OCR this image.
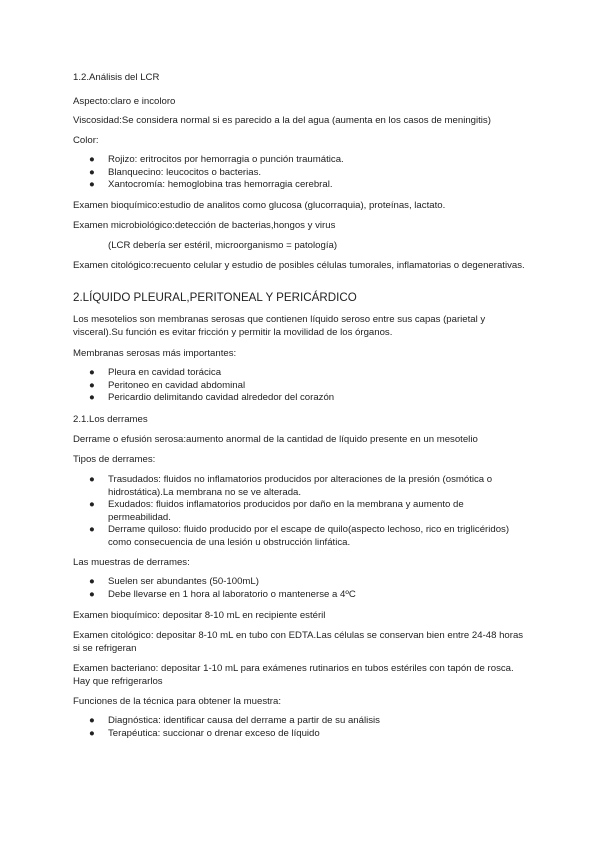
1.2.Análisis del LCR

Aspecto:claro e incoloro

Viscosidad:Se considera normal si es parecido a la del agua (aumenta en los casos de meningitis)

Color:

● Rojizo: eritrocitos por hemorragia o punción traumática.
● Blanquecino: leucocitos o bacterias.
● Xantocromía: hemoglobina tras hemorragia cerebral.

Examen bioquímico:estudio de analitos como glucosa (glucorraquia), proteínas, lactato.

Examen microbiológico:detección de bacterias,hongos y virus

(LCR debería ser estéril, microorganismo = patología)

Examen citológico:recuento celular y estudio de posibles células tumorales, inflamatorias o degenerativas.

2.LÍQUIDO PLEURAL,PERITONEAL Y PERICÁRDICO

Los mesotelios son membranas serosas que contienen líquido seroso entre sus capas (parietal y visceral).Su función es evitar fricción y permitir la movilidad de los órganos.

Membranas serosas más importantes:

● Pleura en cavidad torácica
● Peritoneo en cavidad abdominal
● Pericardio delimitando cavidad alrededor del corazón

2.1.Los derrames

Derrame o efusión serosa:aumento anormal de la cantidad de líquido presente en un mesotelio

Tipos de derrames:

● Trasudados: fluidos no inflamatorios producidos por alteraciones de la presión (osmótica o hidrostática).La membrana no se ve alterada.
● Exudados: fluidos inflamatorios producidos por daño en la membrana y aumento de permeabilidad.
● Derrame quiloso: fluido producido por el escape de quilo(aspecto lechoso, rico en triglicéridos) como consecuencia de una lesión u obstrucción linfática.

Las muestras de derrames:

● Suelen ser abundantes (50-100mL)
● Debe llevarse en 1 hora al laboratorio o mantenerse a 4ºC

Examen bioquímico: depositar 8-10 mL en recipiente estéril

Examen citológico: depositar 8-10 mL en tubo con EDTA.Las células se conservan bien entre 24-48 horas si se refrigeran

Examen bacteriano: depositar 1-10 mL para exámenes rutinarios en tubos estériles con tapón de rosca. Hay que refrigerarlos

Funciones de la técnica para obtener la muestra:

● Diagnóstica: identificar causa del derrame a partir de su análisis
● Terapéutica: succionar o drenar exceso de líquido
